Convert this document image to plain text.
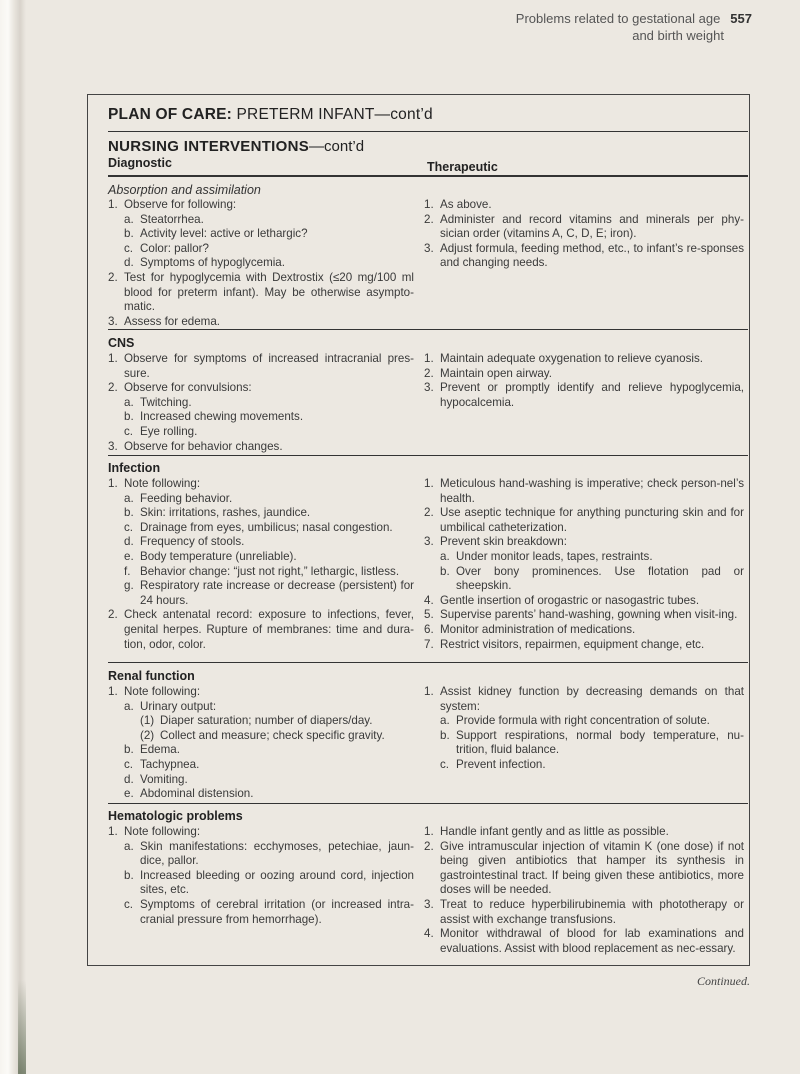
Problems related to gestational age 557
and birth weight
PLAN OF CARE: PRETERM INFANT—cont’d
NURSING INTERVENTIONS—cont’d
Diagnostic	Therapeutic
Absorption and assimilation
1. Observe for following:
a. Steatorrhea.
b. Activity level: active or lethargic?
c. Color: pallor?
d. Symptoms of hypoglycemia.
2. Test for hypoglycemia with Dextrostix (≤20 mg/100 ml blood for preterm infant). May be otherwise asympto-matic.
3. Assess for edema.
1. As above.
2. Administer and record vitamins and minerals per phy-sician order (vitamins A, C, D, E; iron).
3. Adjust formula, feeding method, etc., to infant’s re-sponses and changing needs.
CNS
1. Observe for symptoms of increased intracranial pres-sure.
2. Observe for convulsions:
a. Twitching.
b. Increased chewing movements.
c. Eye rolling.
3. Observe for behavior changes.
1. Maintain adequate oxygenation to relieve cyanosis.
2. Maintain open airway.
3. Prevent or promptly identify and relieve hypoglycemia, hypocalcemia.
Infection
1. Note following:
a. Feeding behavior.
b. Skin: irritations, rashes, jaundice.
c. Drainage from eyes, umbilicus; nasal congestion.
d. Frequency of stools.
e. Body temperature (unreliable).
f. Behavior change: “just not right,” lethargic, listless.
g. Respiratory rate increase or decrease (persistent) for 24 hours.
2. Check antenatal record: exposure to infections, fever, genital herpes. Rupture of membranes: time and dura-tion, odor, color.
1. Meticulous hand-washing is imperative; check person-nel’s health.
2. Use aseptic technique for anything puncturing skin and for umbilical catheterization.
3. Prevent skin breakdown:
a. Under monitor leads, tapes, restraints.
b. Over bony prominences. Use flotation pad or sheepskin.
4. Gentle insertion of orogastric or nasogastric tubes.
5. Supervise parents’ hand-washing, gowning when visit-ing.
6. Monitor administration of medications.
7. Restrict visitors, repairmen, equipment change, etc.
Renal function
1. Note following:
a. Urinary output:
(1) Diaper saturation; number of diapers/day.
(2) Collect and measure; check specific gravity.
b. Edema.
c. Tachypnea.
d. Vomiting.
e. Abdominal distension.
1. Assist kidney function by decreasing demands on that system:
a. Provide formula with right concentration of solute.
b. Support respirations, normal body temperature, nu-trition, fluid balance.
c. Prevent infection.
Hematologic problems
1. Note following:
a. Skin manifestations: ecchymoses, petechiae, jaun-dice, pallor.
b. Increased bleeding or oozing around cord, injection sites, etc.
c. Symptoms of cerebral irritation (or increased intra-cranial pressure from hemorrhage).
1. Handle infant gently and as little as possible.
2. Give intramuscular injection of vitamin K (one dose) if not being given antibiotics that hamper its synthesis in gastrointestinal tract. If being given these antibiotics, more doses will be needed.
3. Treat to reduce hyperbilirubinemia with phototherapy or assist with exchange transfusions.
4. Monitor withdrawal of blood for lab examinations and evaluations. Assist with blood replacement as nec-essary.
Continued.
